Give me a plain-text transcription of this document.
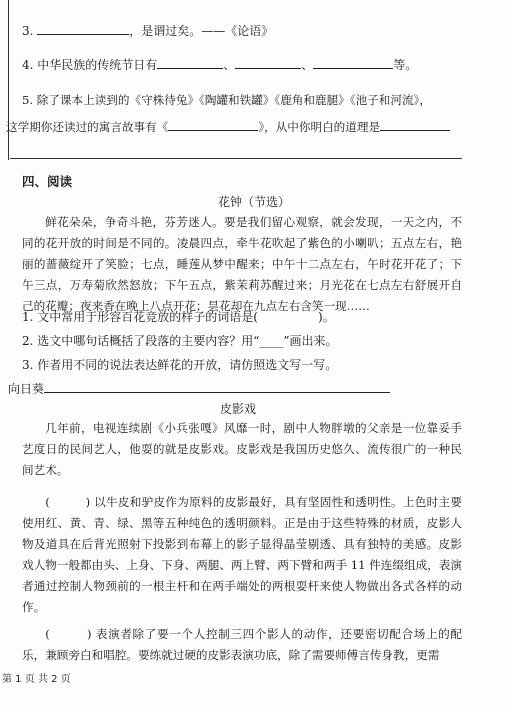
3.	，是谓过矣。——《论语》
4. 中华民族的传统节日有	、	、	等。
5. 除了课本上读到的《守株待兔》《陶罐和铁罐》《鹿角和鹿腿》《池子和河流》，
这学期你还读过的寓言故事有《	》，从中你明白的道理是
四、阅读
花钟（节选）
鲜花朵朵，争奇斗艳，芬芳迷人。要是我们留心观察，就会发现，一天之内，不同的花开放的时间是不同的。凌晨四点，牵牛花吹起了紫色的小喇叭；五点左右，艳丽的蔷薇绽开了笑脸；七点，睡莲从梦中醒来；中午十二点左右，午时花开花了；下午三点，万寿菊欣然怒放；下午五点，紫茉莉苏醒过来；月光花在七点左右舒展开自己的花瓣；夜来香在晚上八点开花；昙花却在九点左右含笑一现……
1. 文中常用于形容百花竞放的样子的词语是(	)。
2. 选文中哪句话概括了段落的主要内容？用“____”画出来。
3. 作者用不同的说法表达鲜花的开放，请仿照选文写一写。
向日葵
皮影戏
几年前，电视连续剧《小兵张嘎》风靡一时，剧中人物胖墩的父亲是一位靠妥手艺度日的民间艺人，他耍的就是皮影戏。皮影戏是我国历史悠久、流传很广的一种民间艺术。
(　　　) 以牛皮和驴皮作为原料的皮影最好，具有坚固性和透明性。上色时主要使用红、黄、青、绿、黑等五种纯色的透明颜料。正是由于这些特殊的材质，皮影人物及道具在后背光照射下投影到布幕上的影子显得晶莹剔透、具有独特的美感。皮影戏人物一般都由头、上身、下身、两腿、两上臂、两下臂和两手 11 件连缀组成，表演者通过控制人物颈前的一根主杆和在两手端处的两根耍杆来使人物做出各式各样的动作。
(　　　) 表演者除了要一个人控制三四个影人的动作，还要密切配合场上的配乐，兼顾旁白和唱腔。要练就过硬的皮影表演功底，除了需要师傅言传身教，更需
第 1 页 共 2 页
